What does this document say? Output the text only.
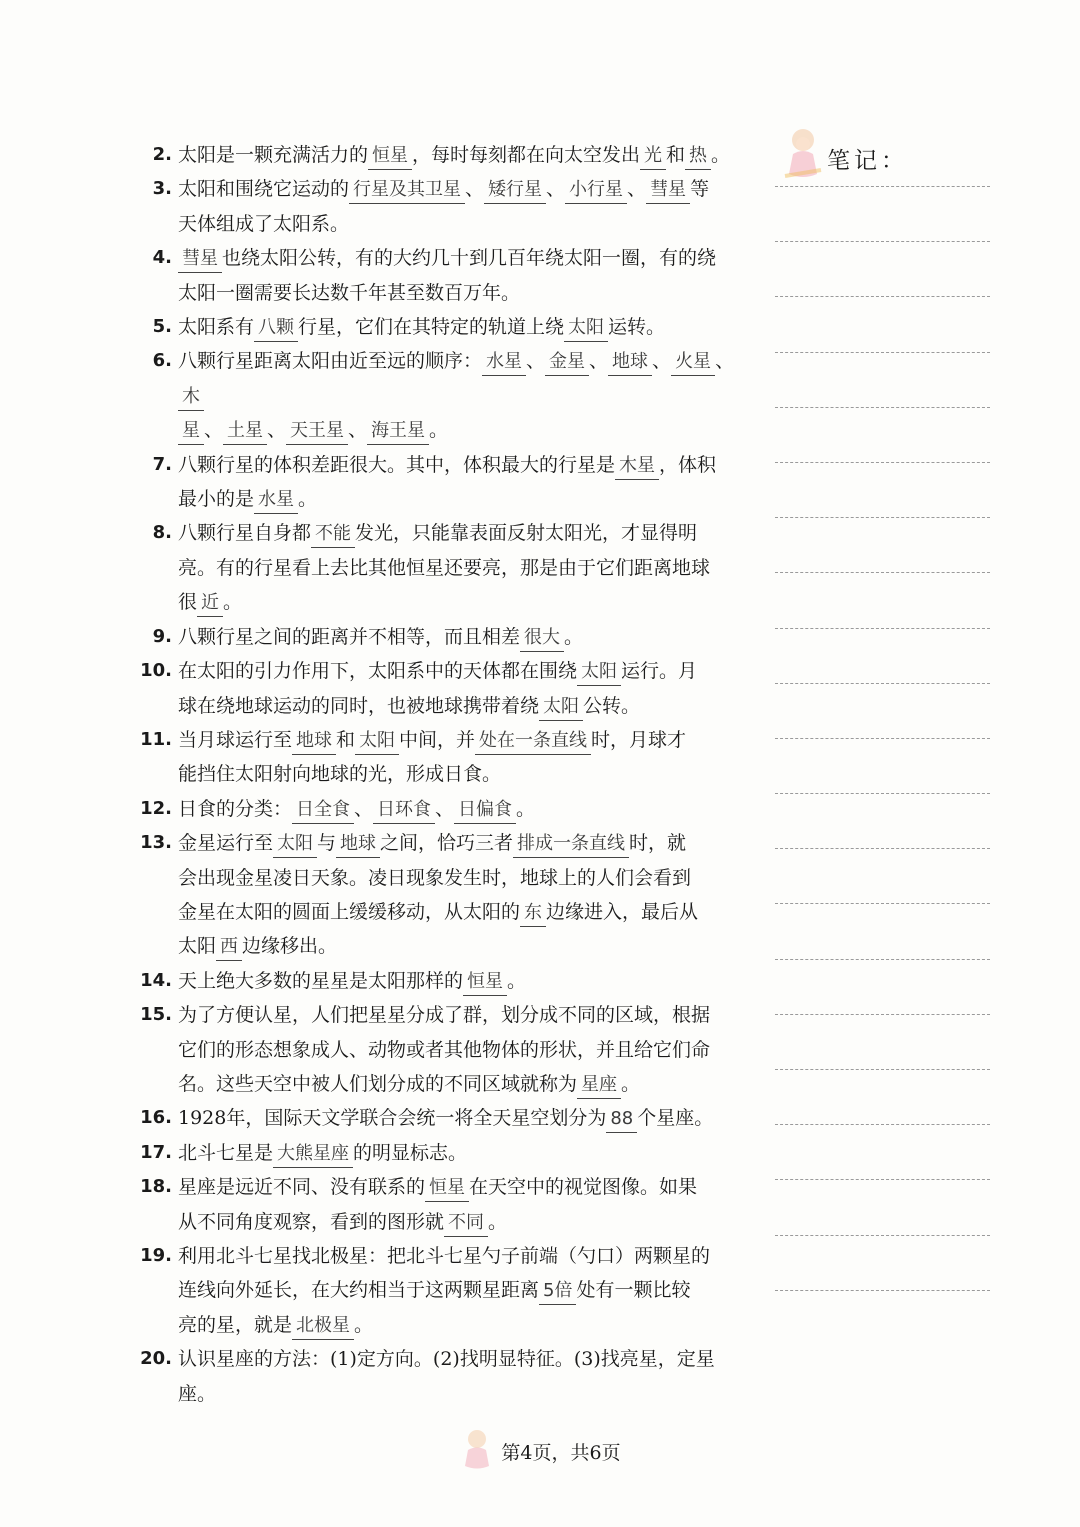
2. 太阳是一颗充满活力的 恒星 ，每时每刻都在向太空发出 光 和 热 。
3. 太阳和围绕它运动的 行星及其卫星 、 矮行星 、 小行星 、 彗星 等
天体组成了太阳系。
4. 彗星 也绕太阳公转，有的大约几十到几百年绕太阳一圈，有的绕
太阳一圈需要长达数千年甚至数百万年。
5. 太阳系有 八颗 行星，它们在其特定的轨道上绕 太阳 运转。
6. 八颗行星距离太阳由近至远的顺序： 水星 、 金星 、 地球 、 火星 、木
星 、 土星 、 天王星 、 海王星 。
7. 八颗行星的体积差距很大。其中，体积最大的行星是 木星 ，体积
最小的是 水星 。
8. 八颗行星自身都 不能 发光，只能靠表面反射太阳光，才显得明
亮。有的行星看上去比其他恒星还要亮，那是由于它们距离地球
很 近 。
9. 八颗行星之间的距离并不相等，而且相差 很大 。
10. 在太阳的引力作用下，太阳系中的天体都在围绕 太阳 运行。月
球在绕地球运动的同时，也被地球携带着绕 太阳 公转。
11. 当月球运行至 地球 和 太阳 中间，并 处在一条直线 时，月球才
能挡住太阳射向地球的光，形成日食。
12. 日食的分类： 日全食 、 日环食 、 日偏食 。
13. 金星运行至 太阳 与 地球 之间，恰巧三者 排成一条直线 时，就
会出现金星凌日天象。凌日现象发生时，地球上的人们会看到
金星在太阳的圆面上缓缓移动，从太阳的 东 边缘进入，最后从
太阳 西 边缘移出。
14. 天上绝大多数的星星是太阳那样的 恒星 。
15. 为了方便认星，人们把星星分成了群，划分成不同的区域，根据
它们的形态想象成人、动物或者其他物体的形状，并且给它们命
名。这些天空中被人们划分成的不同区域就称为 星座 。
16. 1928年，国际天文学联合会统一将全天星空划分为 88 个星座。
17. 北斗七星是 大熊星座 的明显标志。
18. 星座是远近不同、没有联系的 恒星 在天空中的视觉图像。如果
从不同角度观察，看到的图形就 不同 。
19. 利用北斗七星找北极星：把北斗七星勺子前端（勺口）两颗星的
连线向外延长，在大约相当于这两颗星距离 5倍 处有一颗比较
亮的星，就是 北极星 。
20. 认识星座的方法：(1)定方向。(2)找明显特征。(3)找亮星，定星座。
笔记：
第4页，共6页
